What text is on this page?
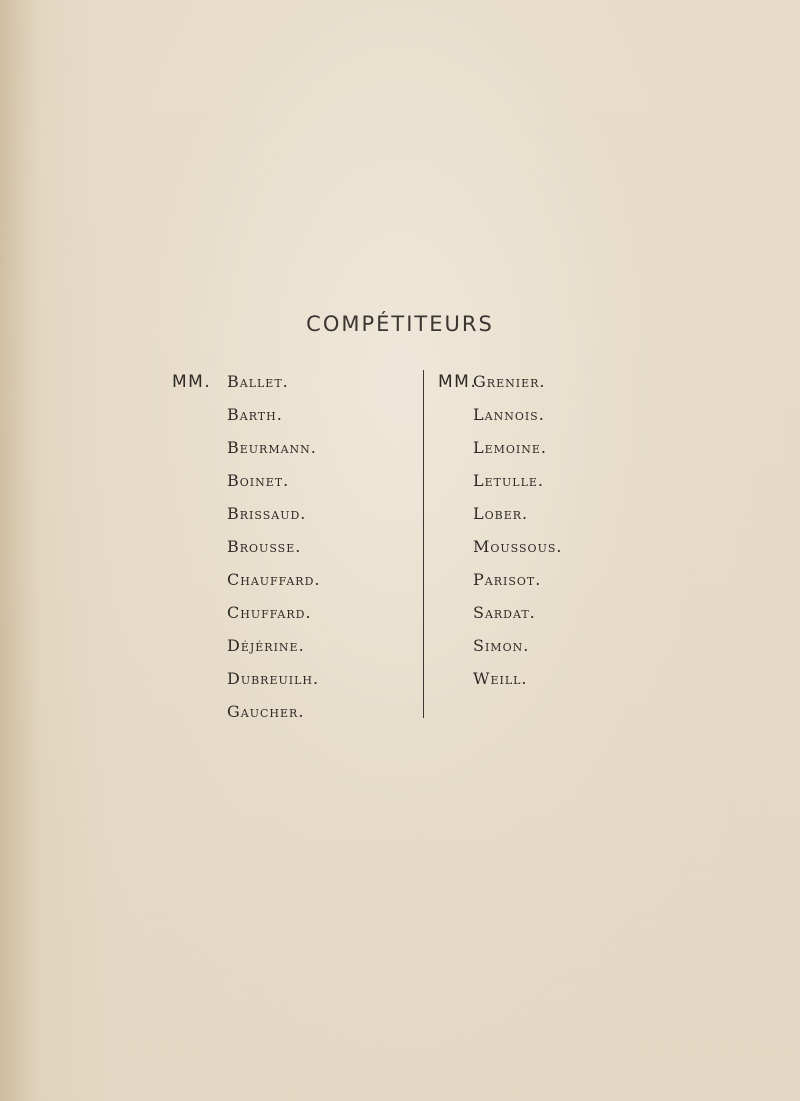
COMPÉTITEURS
MM. Ballet.
Barth.
Beurmann.
Boinet.
Brissaud.
Brousse.
Chauffard.
Chuffard.
Déjérine.
Dubreuilh.
Gaucher.
MM.Grenier.
Lannois.
Lemoine.
Letulle.
Lober.
Moussous.
Parisot.
Sardat.
Simon.
Weill.
